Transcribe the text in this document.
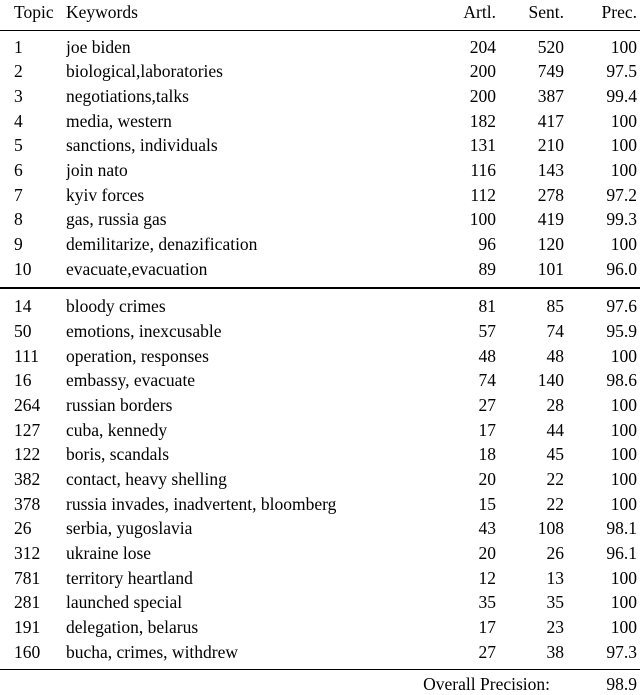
Topic	Keywords	Artl.	Sent.	Prec.
1	joe biden	204	520	100
2	biological,laboratories	200	749	97.5
3	negotiations,talks	200	387	99.4
4	media, western	182	417	100
5	sanctions, individuals	131	210	100
6	join nato	116	143	100
7	kyiv forces	112	278	97.2
8	gas, russia gas	100	419	99.3
9	demilitarize, denazification	96	120	100
10	evacuate,evacuation	89	101	96.0
14	bloody crimes	81	85	97.6
50	emotions, inexcusable	57	74	95.9
111	operation, responses	48	48	100
16	embassy, evacuate	74	140	98.6
264	russian borders	27	28	100
127	cuba, kennedy	17	44	100
122	boris, scandals	18	45	100
382	contact, heavy shelling	20	22	100
378	russia invades, inadvertent, bloomberg	15	22	100
26	serbia, yugoslavia	43	108	98.1
312	ukraine lose	20	26	96.1
781	territory heartland	12	13	100
281	launched special	35	35	100
191	delegation, belarus	17	23	100
160	bucha, crimes, withdrew	27	38	97.3
Overall Precision:				98.9
